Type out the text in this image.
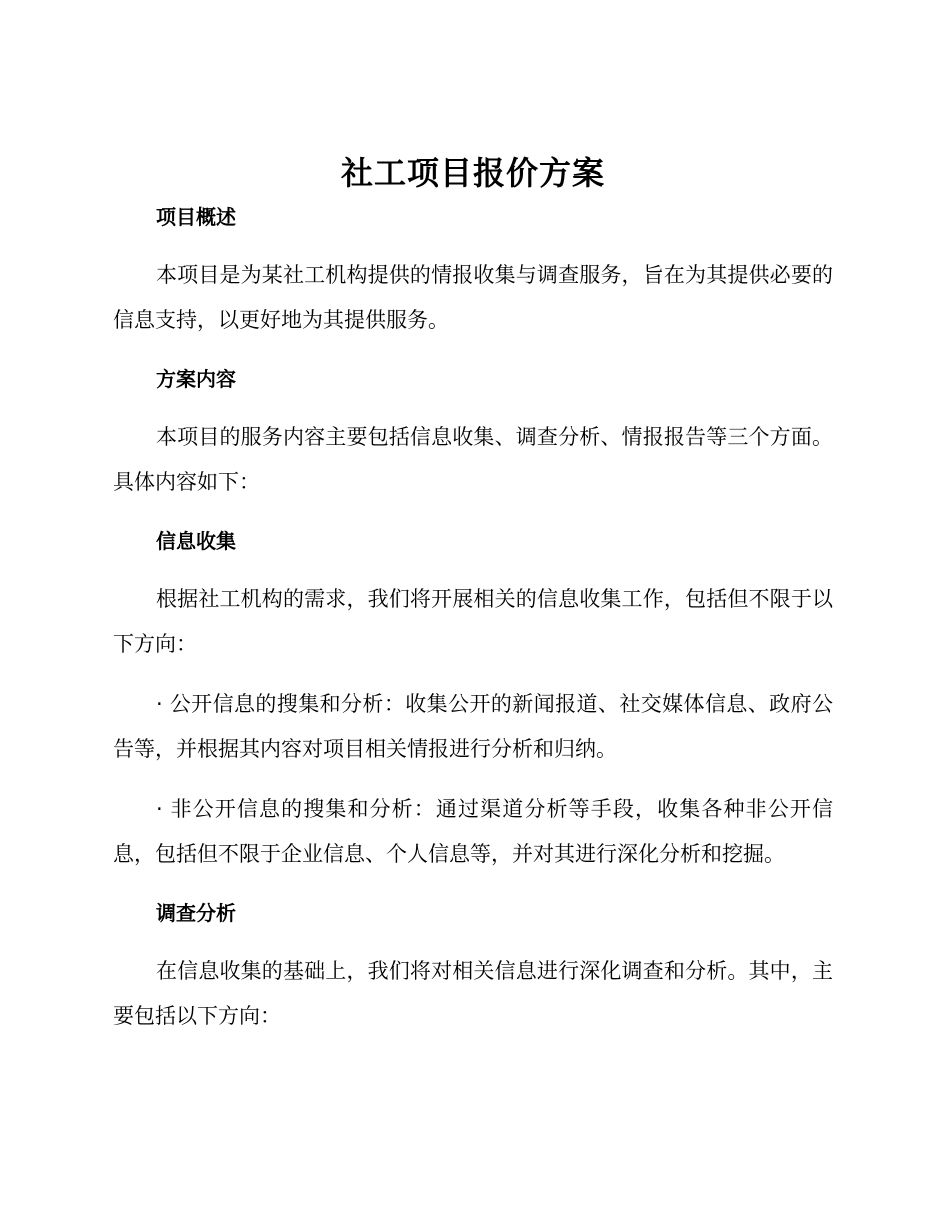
社工项目报价方案
项目概述

本项目是为某社工机构提供的情报收集与调查服务，旨在为其提供必要的信息支持，以更好地为其提供服务。

方案内容

本项目的服务内容主要包括信息收集、调查分析、情报报告等三个方面。具体内容如下：

信息收集

根据社工机构的需求，我们将开展相关的信息收集工作，包括但不限于以下方向：

· 公开信息的搜集和分析：收集公开的新闻报道、社交媒体信息、政府公告等，并根据其内容对项目相关情报进行分析和归纳。

· 非公开信息的搜集和分析：通过渠道分析等手段，收集各种非公开信息，包括但不限于企业信息、个人信息等，并对其进行深化分析和挖掘。

调查分析

在信息收集的基础上，我们将对相关信息进行深化调查和分析。其中，主要包括以下方向：
